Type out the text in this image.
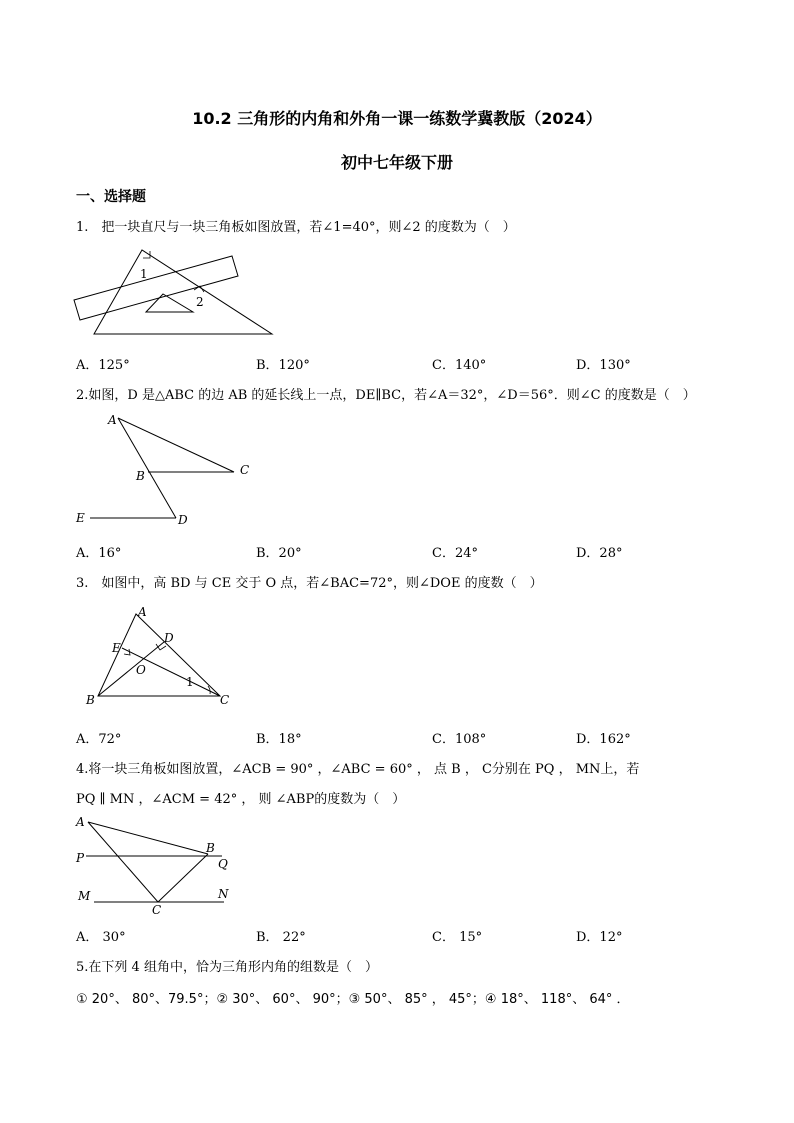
10.2 三角形的内角和外角一课一练数学冀教版（2024）
初中七年级下册
一、选择题
1.　把一块直尺与一块三角板如图放置，若∠1=40°，则∠2 的度数为（　）
1
2
A．125°	B．120°	C．140°	D．130°
2.如图，D 是△ABC 的边 AB 的延长线上一点，DE∥BC，若∠A＝32°，∠D＝56°．则∠C 的度数是（　）
A
B	C
E	D
A．16°	B．20°	C．24°	D．28°
3.　如图中，高 BD 与 CE 交于 O 点，若∠BAC=72°，则∠DOE 的度数（　）
A
E
D
O
1
B	C
A．72°	B．18°	C．108°	D．162°
4.将一块三角板如图放置，∠ACB = 90° ，∠ABC = 60° ， 点 B ， C分别在 PQ ， MN上，若
PQ ∥ MN ，∠ACM = 42° ， 则 ∠ABP的度数为（　）
A
P
B
Q
M	N
C
A． 30°	B． 22°	C． 15°	D．12°
5.在下列 4 组角中，恰为三角形内角的组数是（　）
① 20°、 80°、79.5°；② 30°、 60°、 90°；③ 50°、 85° ， 45°；④ 18°、 118°、 64° ．
